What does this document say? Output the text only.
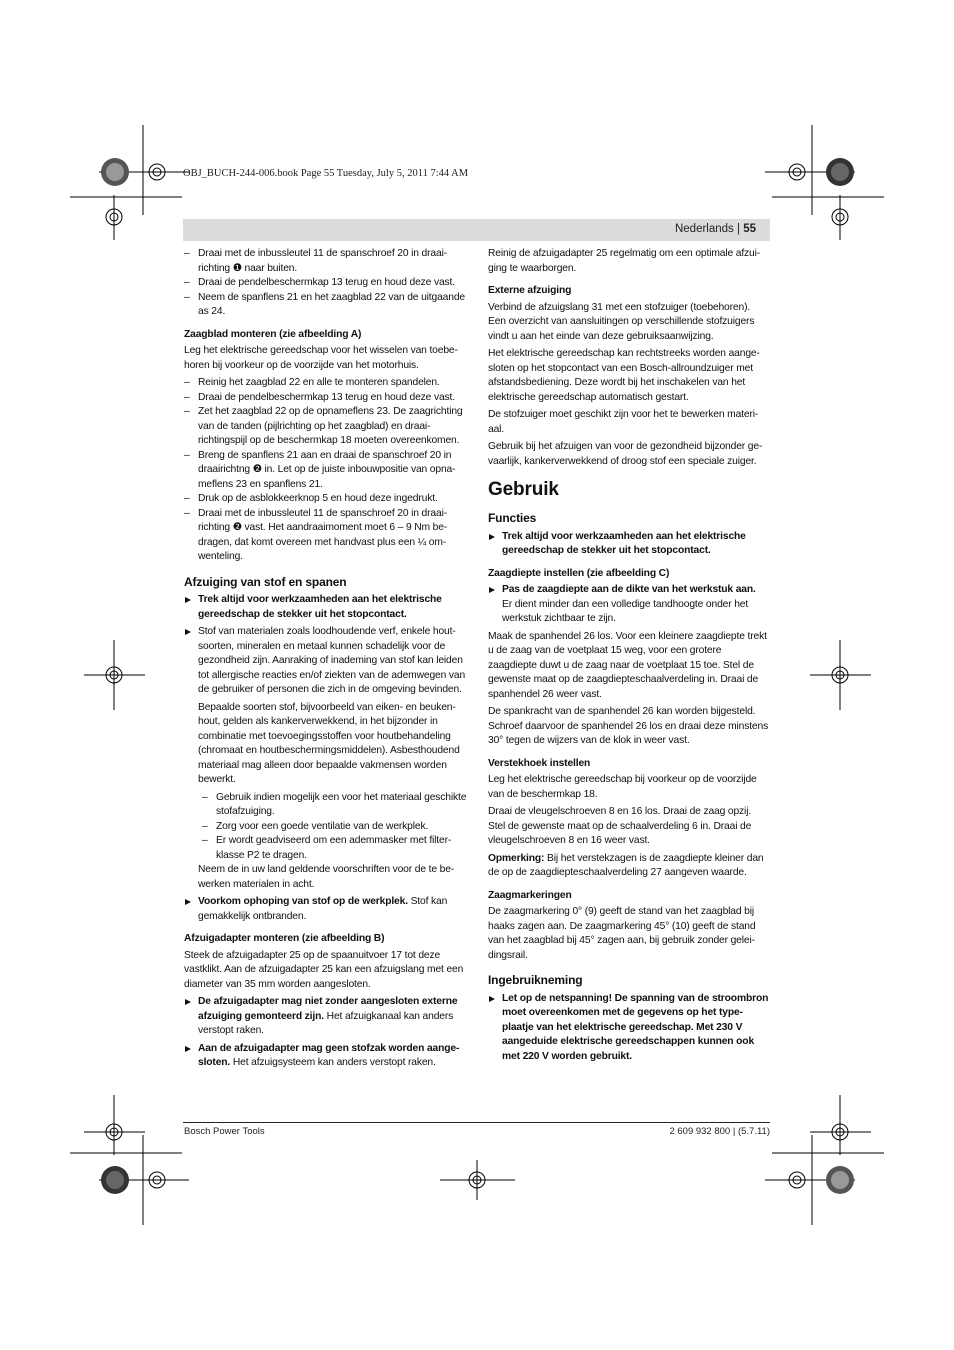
OBJ_BUCH-244-006.book Page 55 Tuesday, July 5, 2011 7:44 AM
Nederlands | 55

– Draai met de inbussleutel 11 de spanschroef 20 in draairichting ❶ naar buiten.

– Draai de pendelbeschermkap 13 terug en houd deze vast.

– Neem de spanflens 21 en het zaagblad 22 van de uitgaande as 24.

Zaagblad monteren (zie afbeelding A)

Leg het elektrische gereedschap voor het wisselen van toebehoren bij voorkeur op de voorzijde van het motorhuis.

– Reinig het zaagblad 22 en alle te monteren spandelen.

– Draai de pendelbeschermkap 13 terug en houd deze vast.

– Zet het zaagblad 22 op de opnameflens 23. De zaagrichting van de tanden (pijlrichting op het zaagblad) en draairichtingspijl op de beschermkap 18 moeten overeenkomen.

– Breng de spanflens 21 aan en draai de spanschroef 20 in draairichtng ❷ in. Let op de juiste inbouwpositie van opnameflens 23 en spanflens 21.

– Druk op de asblokkeerknop 5 en houd deze ingedrukt.

– Draai met de inbussleutel 11 de spanschroef 20 in draairichting ❷ vast. Het aandraaimoment moet 6 – 9 Nm bedragen, dat komt overeen met handvast plus een ¼ omwenteling.

Afzuiging van stof en spanen

Trek altijd voor werkzaamheden aan het elektrische gereedschap de stekker uit het stopcontact.

Stof van materialen zoals loodhoudende verf, enkele houtsoorten, mineralen en metaal kunnen schadelijk voor de gezondheid zijn. Aanraking of inademing van stof kan leiden tot allergische reacties en/of ziekten van de ademwegen van de gebruiker of personen die zich in de omgeving bevinden.

Bepaalde soorten stof, bijvoorbeeld van eiken- en beukenhout, gelden als kankerverwekkend, in het bijzonder in combinatie met toevoegingsstoffen voor houtbehandeling (chromaat en houtbeschermingsmiddelen). Asbesthoudend materiaal mag alleen door bepaalde vakmensen worden bewerkt.

– Gebruik indien mogelijk een voor het materiaal geschikte stofafzuiging.

– Zorg voor een goede ventilatie van de werkplek.

– Er wordt geadviseerd om een ademmasker met filterklasse P2 te dragen.

Neem de in uw land geldende voorschriften voor de te bewerken materialen in acht.

Voorkom ophoping van stof op de werkplek. Stof kan gemakkelijk ontbranden.

Afzuigadapter monteren (zie afbeelding B)

Steek de afzuigadapter 25 op de spaanuitvoer 17 tot deze vastklikt. Aan de afzuigadapter 25 kan een afzuigslang met een diameter van 35 mm worden aangesloten.

De afzuigadapter mag niet zonder aangesloten externe afzuiging gemonteerd zijn. Het afzuigkanaal kan anders verstopt raken.

Aan de afzuigadapter mag geen stofzak worden aangesloten. Het afzuigsysteem kan anders verstopt raken.

Reinig de afzuigadapter 25 regelmatig om een optimale afzuiging te waarborgen.

Externe afzuiging

Verbind de afzuigslang 31 met een stofzuiger (toebehoren). Een overzicht van aansluitingen op verschillende stofzuigers vindt u aan het einde van deze gebruiksaanwijzing.

Het elektrische gereedschap kan rechtstreeks worden aangesloten op het stopcontact van een Bosch-allroundzuiger met afstandsbediening. Deze wordt bij het inschakelen van het elektrische gereedschap automatisch gestart.

De stofzuiger moet geschikt zijn voor het te bewerken materiaal.

Gebruik bij het afzuigen van voor de gezondheid bijzonder gevaarlijk, kankerverwekkend of droog stof een speciale zuiger.

Gebruik
Functies

Trek altijd voor werkzaamheden aan het elektrische gereedschap de stekker uit het stopcontact.

Zaagdiepte instellen (zie afbeelding C)

Pas de zaagdiepte aan de dikte van het werkstuk aan.
Er dient minder dan een volledige tandhoogte onder het werkstuk zichtbaar te zijn.

Maak de spanhendel 26 los. Voor een kleinere zaagdiepte trekt u de zaag van de voetplaat 15 weg, voor een grotere zaagdiepte duwt u de zaag naar de voetplaat 15 toe. Stel de gewenste maat op de zaagdiepteschaalverdeling in. Draai de spanhendel 26 weer vast.

De spankracht van de spanhendel 26 kan worden bijgesteld. Schroef daarvoor de spanhendel 26 los en draai deze minstens 30° tegen de wijzers van de klok in weer vast.

Verstekhoek instellen

Leg het elektrische gereedschap bij voorkeur op de voorzijde van de beschermkap 18.

Draai de vleugelschroeven 8 en 16 los. Draai de zaag opzij. Stel de gewenste maat op de schaalverdeling 6 in. Draai de vleugelschroeven 8 en 16 weer vast.

Opmerking: Bij het verstekzagen is de zaagdiepte kleiner dan de op de zaagdiepteschaalverdeling 27 aangeven waarde.

Zaagmarkeringen

De zaagmarkering 0° (9) geeft de stand van het zaagblad bij haaks zagen aan. De zaagmarkering 45° (10) geeft de stand van het zaagblad bij 45° zagen aan, bij gebruik zonder geleidingsrail.

Ingebruikneming

Let op de netspanning! De spanning van de stroombron moet overeenkomen met de gegevens op het typeplaatje van het elektrische gereedschap. Met 230 V aangeduide elektrische gereedschappen kunnen ook met 220 V worden gebruikt.

Bosch Power Tools	2 609 932 800 | (5.7.11)
